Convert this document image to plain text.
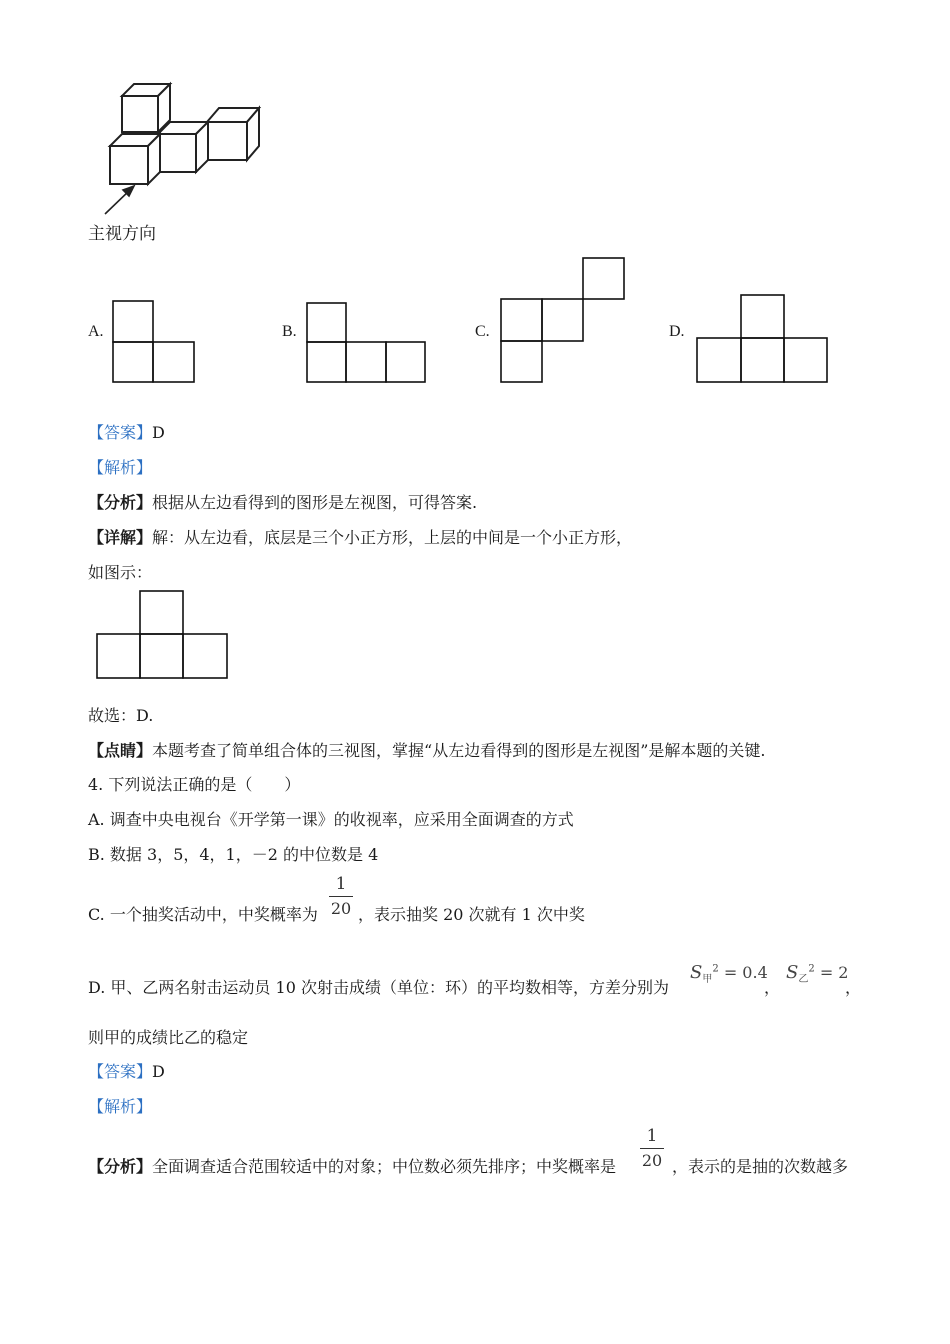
主视方向
A.	B.	C.	D.
【答案】D
【解析】
【分析】根据从左边看得到的图形是左视图，可得答案.
【详解】解：从左边看，底层是三个小正方形，上层的中间是一个小正方形，
如图示：
故选：D.
【点睛】本题考查了简单组合体的三视图，掌握“从左边看得到的图形是左视图”是解本题的关键.
4. 下列说法正确的是（　　）
A. 调查中央电视台《开学第一课》的收视率，应采用全面调查的方式
B. 数据 3，5，4，1，－2 的中位数是 4
C. 一个抽奖活动中，中奖概率为
1
20 ，表示抽奖 20 次就有 1 次中奖
D. 甲、乙两名射击运动员 10 次射击成绩（单位：环）的平均数相等，方差分别为
$S_甲^2 = 0.4$
，
$S_乙^2 = 2$
，
则甲的成绩比乙的稳定
【答案】D
【解析】
【分析】全面调查适合范围较适中的对象；中位数必须先排序；中奖概率是
1
20 ，表示的是抽的次数越多
